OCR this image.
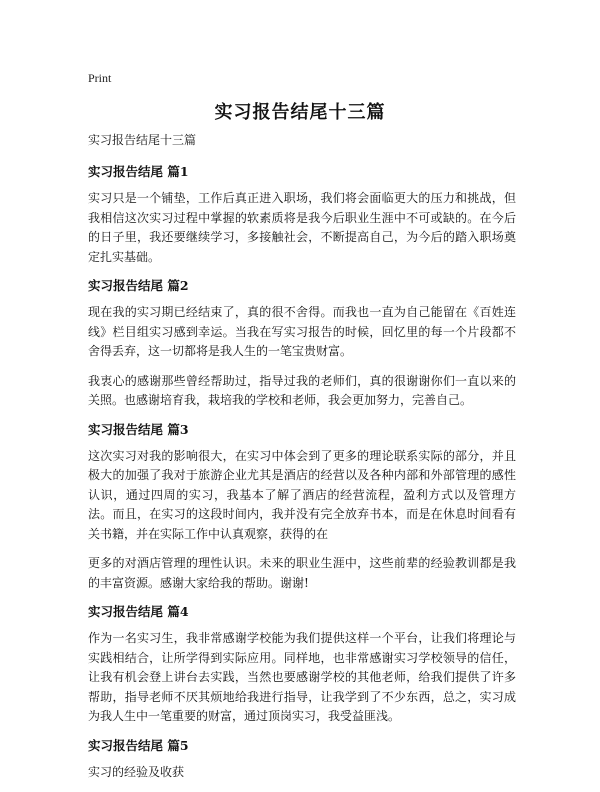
Print
实习报告结尾十三篇

实习报告结尾十三篇

实习报告结尾 篇1

实习只是一个铺垫，工作后真正进入职场，我们将会面临更大的压力和挑战，但我相信这次实习过程中掌握的软素质将是我今后职业生涯中不可或缺的。在今后的日子里，我还要继续学习，多接触社会，不断提高自己，为今后的踏入职场奠定扎实基础。

实习报告结尾 篇2

现在我的实习期已经结束了，真的很不舍得。而我也一直为自己能留在《百姓连线》栏目组实习感到幸运。当我在写实习报告的时候，回忆里的每一个片段都不舍得丢弃，这一切都将是我人生的一笔宝贵财富。

我衷心的感谢那些曾经帮助过，指导过我的老师们，真的很谢谢你们一直以来的关照。也感谢培育我，栽培我的学校和老师，我会更加努力，完善自己。

实习报告结尾 篇3

这次实习对我的影响很大，在实习中体会到了更多的理论联系实际的部分，并且极大的加强了我对于旅游企业尤其是酒店的经营以及各种内部和外部管理的感性认识，通过四周的实习，我基本了解了酒店的经营流程，盈利方式以及管理方法。而且，在实习的这段时间内，我并没有完全放弃书本，而是在休息时间看有关书籍，并在实际工作中认真观察，获得的在

更多的对酒店管理的理性认识。未来的职业生涯中，这些前辈的经验教训都是我的丰富资源。感谢大家给我的帮助。谢谢!

实习报告结尾 篇4

作为一名实习生，我非常感谢学校能为我们提供这样一个平台，让我们将理论与实践相结合，让所学得到实际应用。同样地，也非常感谢实习学校领导的信任，让我有机会登上讲台去实践，当然也要感谢学校的其他老师，给我们提供了许多帮助，指导老师不厌其烦地给我进行指导，让我学到了不少东西，总之，实习成为我人生中一笔重要的财富，通过顶岗实习，我受益匪浅。

实习报告结尾 篇5

实习的经验及收获
